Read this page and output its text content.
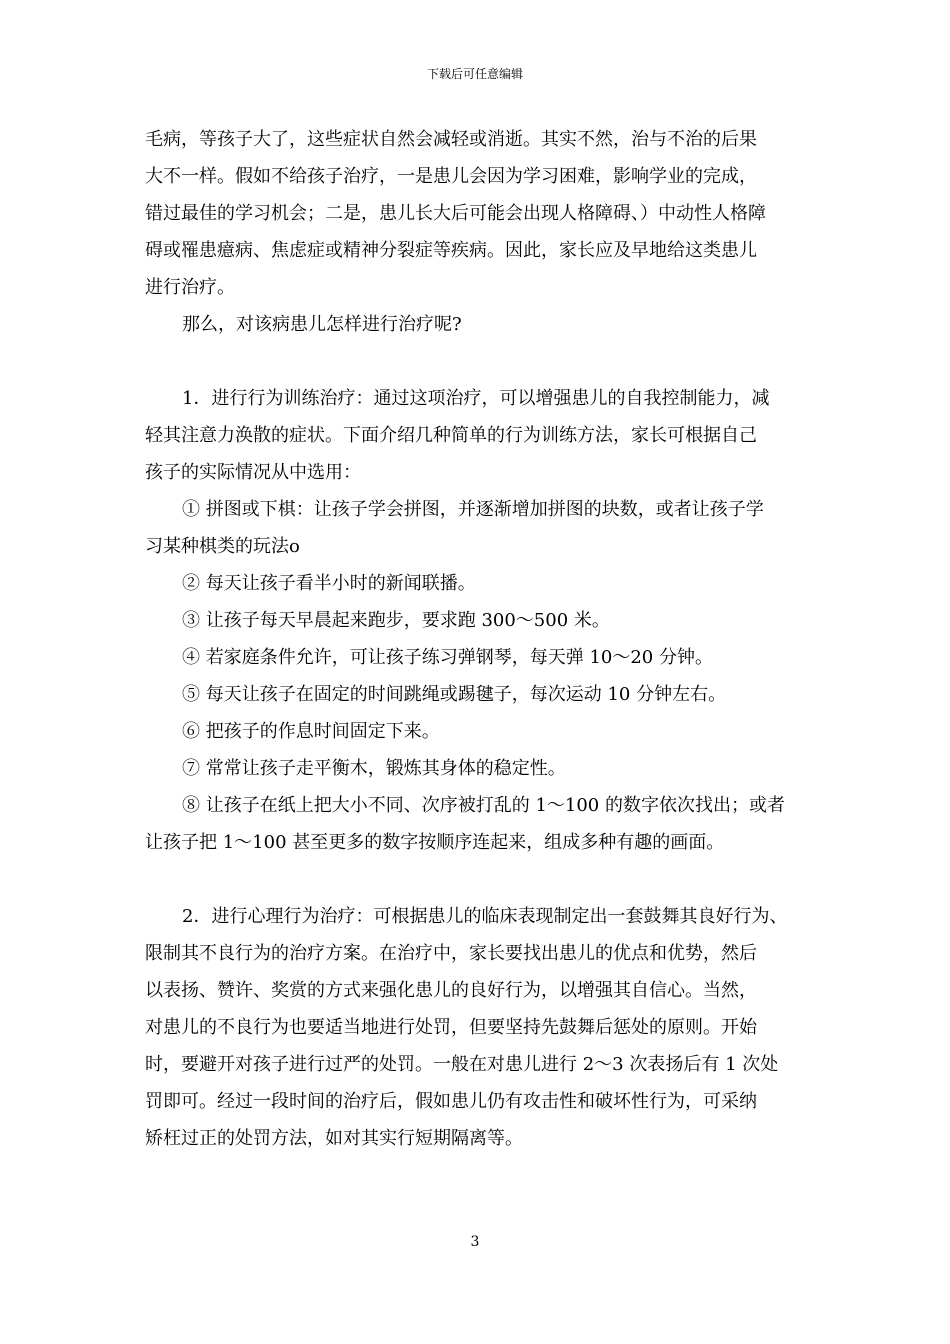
下载后可任意编辑
毛病，等孩子大了，这些症状自然会减轻或消逝。其实不然，治与不治的后果
大不一样。假如不给孩子治疗，一是患儿会因为学习困难，影响学业的完成，
错过最佳的学习机会；二是，患儿长大后可能会出现人格障碍、）中动性人格障
碍或罹患癔病、焦虑症或精神分裂症等疾病。因此，家长应及早地给这类患儿
进行治疗。
那么，对该病患儿怎样进行治疗呢?
1．进行行为训练治疗：通过这项治疗，可以增强患儿的自我控制能力，减
轻其注意力涣散的症状。下面介绍几种简单的行为训练方法，家长可根据自己
孩子的实际情况从中选用：
① 拼图或下棋：让孩子学会拼图，并逐渐增加拼图的块数，或者让孩子学
习某种棋类的玩法o
② 每天让孩子看半小时的新闻联播。
③ 让孩子每天早晨起来跑步，要求跑 300～500 米。
④ 若家庭条件允许，可让孩子练习弹钢琴，每天弹 10～20 分钟。
⑤ 每天让孩子在固定的时间跳绳或踢毽子，每次运动 10 分钟左右。
⑥ 把孩子的作息时间固定下来。
⑦ 常常让孩子走平衡木，锻炼其身体的稳定性。
⑧ 让孩子在纸上把大小不同、次序被打乱的 1～100 的数字依次找出；或者
让孩子把 1～100 甚至更多的数字按顺序连起来，组成多种有趣的画面。
2．进行心理行为治疗：可根据患儿的临床表现制定出一套鼓舞其良好行为、
限制其不良行为的治疗方案。在治疗中，家长要找出患儿的优点和优势，然后
以表扬、赞许、奖赏的方式来强化患儿的良好行为，以增强其自信心。当然，
对患儿的不良行为也要适当地进行处罚，但要坚持先鼓舞后惩处的原则。开始
时，要避开对孩子进行过严的处罚。一般在对患儿进行 2～3 次表扬后有 1 次处
罚即可。经过一段时间的治疗后，假如患儿仍有攻击性和破坏性行为，可采纳
矫枉过正的处罚方法，如对其实行短期隔离等。
3
